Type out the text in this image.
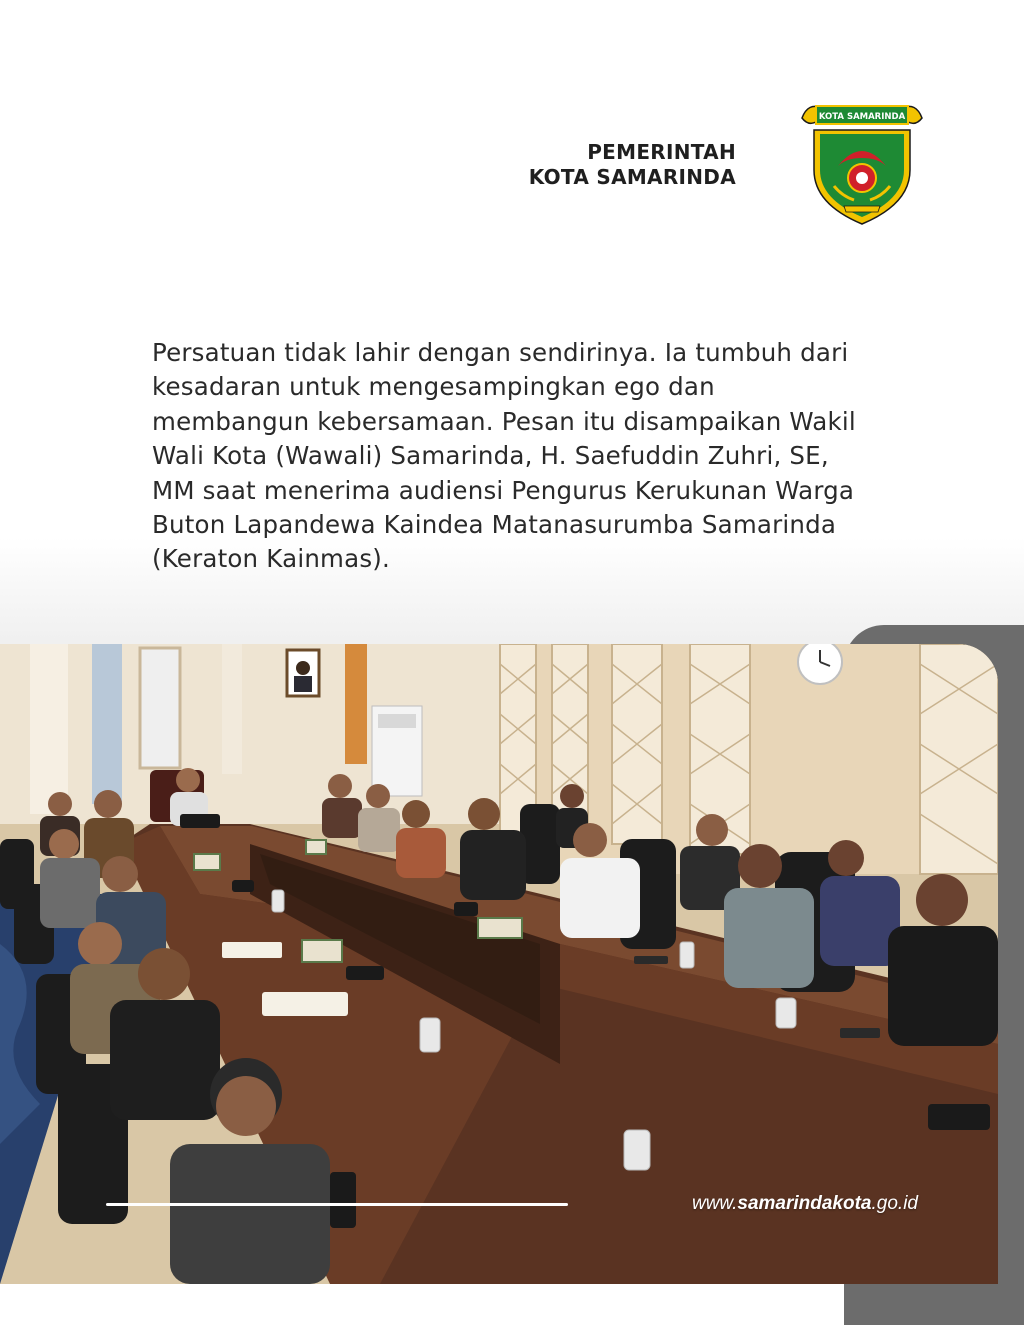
PEMERINTAH
KOTA SAMARINDA
KOTA SAMARINDA
Persatuan tidak lahir dengan sendirinya. Ia tumbuh dari kesadaran untuk mengesampingkan ego dan membangun kebersamaan. Pesan itu disampaikan Wakil Wali Kota (Wawali) Samarinda, H. Saefuddin Zuhri, SE, MM saat menerima audiensi Pengurus Kerukunan Warga Buton Lapandewa Kaindea Matanasurumba Samarinda (Keraton Kainmas).
www.samarindakota.go.id
